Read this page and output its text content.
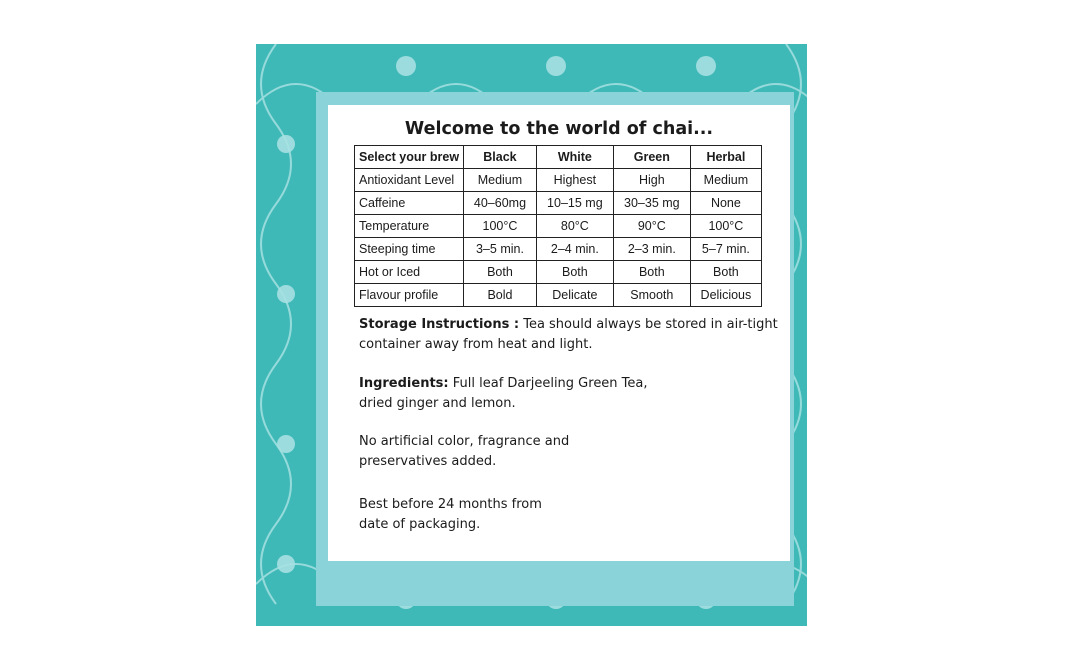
Welcome to the world of chai...
Select your brew	Black	White	Green	Herbal
Antioxidant Level	Medium	Highest	High	Medium
Caffeine	40–60mg	10–15 mg	30–35 mg	None
Temperature	100°C	80°C	90°C	100°C
Steeping time	3–5 min.	2–4 min.	2–3 min.	5–7 min.
Hot or Iced	Both	Both	Both	Both
Flavour profile	Bold	Delicate	Smooth	Delicious
Storage Instructions : Tea should always be stored in air-tight
container away from heat and light.
Ingredients: Full leaf Darjeeling Green Tea,
dried ginger and lemon.
No artificial color, fragrance and
preservatives added.
Best before 24 months from
date of packaging.
